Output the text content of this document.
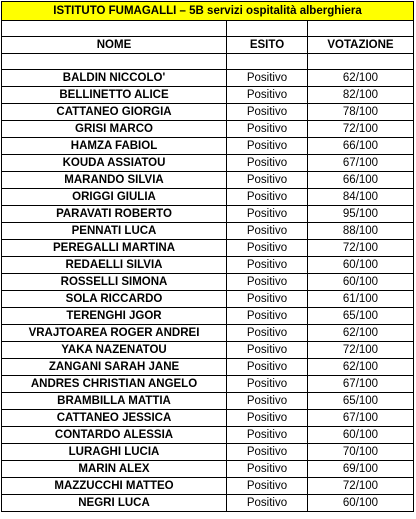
ISTITUTO FUMAGALLI – 5B servizi ospitalità alberghiera		

NOME	ESITO	VOTAZIONE

BALDIN NICCOLO'	Positivo	62/100
BELLINETTO ALICE	Positivo	82/100
CATTANEO GIORGIA	Positivo	78/100
GRISI MARCO	Positivo	72/100
HAMZA FABIOL	Positivo	66/100
KOUDA ASSIATOU	Positivo	67/100
MARANDO SILVIA	Positivo	66/100
ORIGGI GIULIA	Positivo	84/100
PARAVATI ROBERTO	Positivo	95/100
PENNATI LUCA	Positivo	88/100
PEREGALLI MARTINA	Positivo	72/100
REDAELLI SILVIA	Positivo	60/100
ROSSELLI SIMONA	Positivo	60/100
SOLA RICCARDO	Positivo	61/100
TERENGHI JGOR	Positivo	65/100
VRAJTOAREA ROGER ANDREI	Positivo	62/100
YAKA NAZENATOU	Positivo	72/100
ZANGANI SARAH JANE	Positivo	62/100
ANDRES CHRISTIAN ANGELO	Positivo	67/100
BRAMBILLA MATTIA	Positivo	65/100
CATTANEO JESSICA	Positivo	67/100
CONTARDO ALESSIA	Positivo	60/100
LURAGHI LUCIA	Positivo	70/100
MARIN ALEX	Positivo	69/100
MAZZUCCHI MATTEO	Positivo	72/100
NEGRI LUCA	Positivo	60/100
